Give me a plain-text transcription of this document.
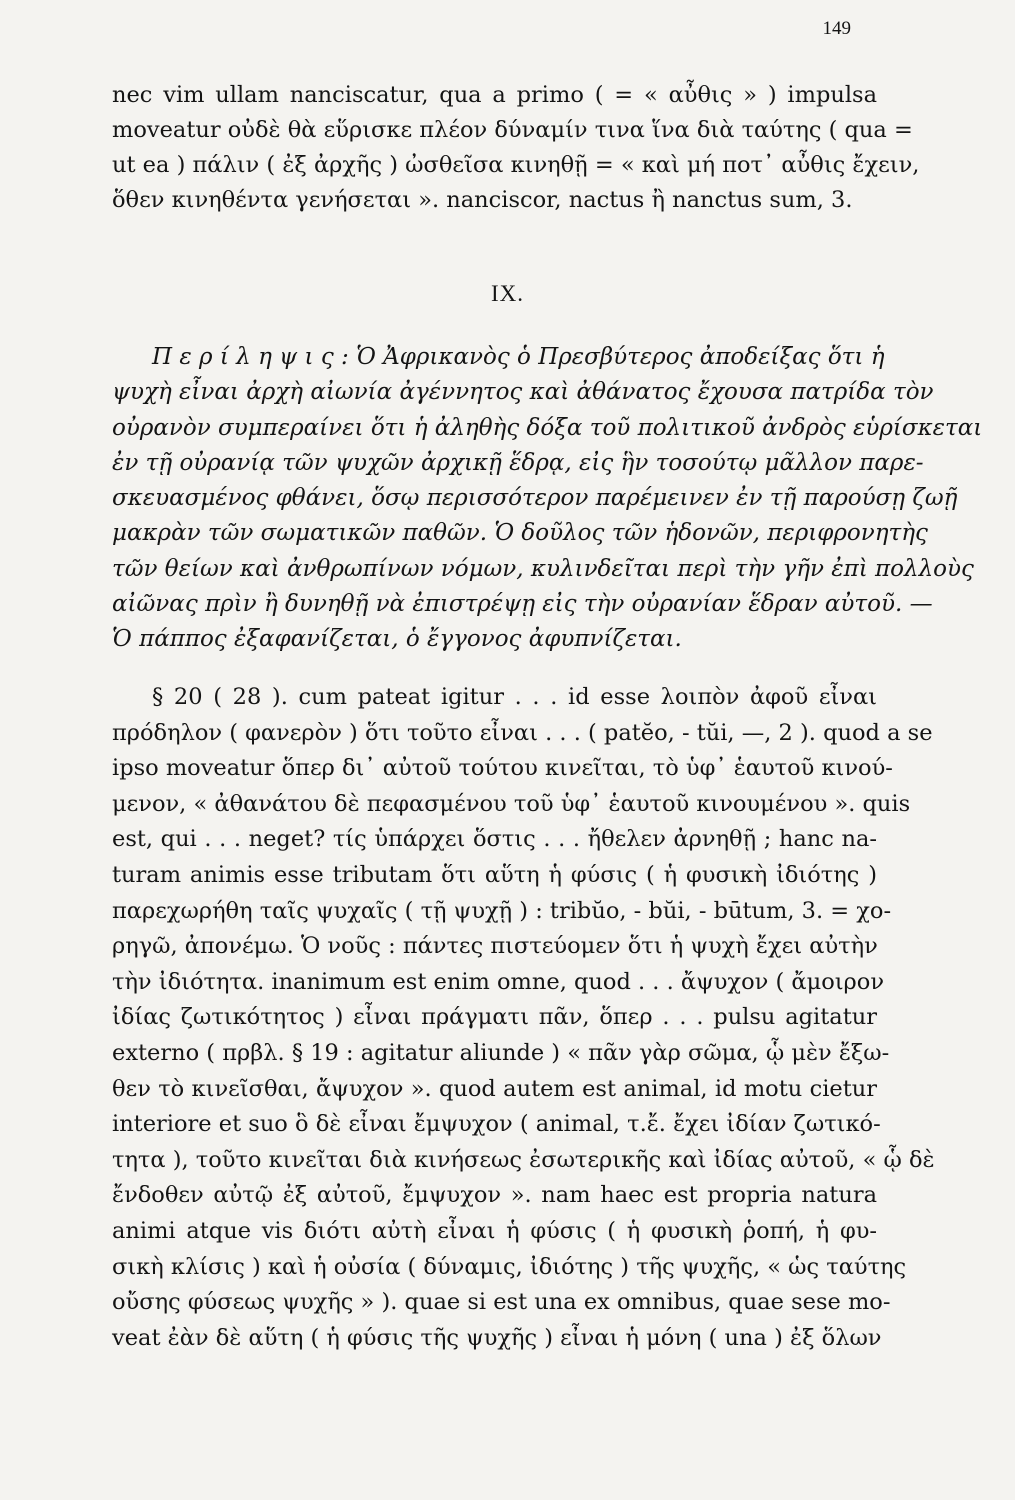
149
nec vim ullam nanciscatur, qua a primo ( = « αὖθις » ) impulsa
moveatur οὐδὲ θὰ εὕρισκε πλέον δύναμίν τινα ἵνα διὰ ταύτης ( qua =
ut ea ) πάλιν ( ἐξ ἀρχῆς ) ὠσθεῖσα κινηθῇ = « καὶ μή ποτ᾽ αὖθις ἔχειν,
ὅθεν κινηθέντα γενήσεται ». nanciscor, nactus ἢ nanctus sum, 3.
IX.
Π ε ρ ί λ η ψ ι ς : Ὁ Ἀφρικανὸς ὁ Πρεσβύτερος ἀποδείξας ὅτι ἡ
ψυχὴ εἶναι ἀρχὴ αἰωνία ἀγέννητος καὶ ἀθάνατος ἔχουσα πατρίδα τὸν
οὐρανὸν συμπεραίνει ὅτι ἡ ἀληθὴς δόξα τοῦ πολιτικοῦ ἀνδρὸς εὑρίσκεται
ἐν τῇ οὐρανίᾳ τῶν ψυχῶν ἀρχικῇ ἕδρᾳ, εἰς ἣν τοσούτῳ μᾶλλον παρε-
σκευασμένος φθάνει, ὅσῳ περισσότερον παρέμεινεν ἐν τῇ παρούσῃ ζωῇ
μακρὰν τῶν σωματικῶν παθῶν. Ὁ δοῦλος τῶν ἡδονῶν, περιφρονητὴς
τῶν θείων καὶ ἀνθρωπίνων νόμων, κυλινδεῖται περὶ τὴν γῆν ἐπὶ πολλοὺς
αἰῶνας πρὶν ἢ δυνηθῇ νὰ ἐπιστρέψῃ εἰς τὴν οὐρανίαν ἕδραν αὐτοῦ. —
Ὁ πάππος ἐξαφανίζεται, ὁ ἔγγονος ἀφυπνίζεται.
§ 20 ( 28 ). cum pateat igitur . . . id esse λοιπὸν ἀφοῦ εἶναι
πρόδηλον ( φανερὸν ) ὅτι τοῦτο εἶναι . . . ( patĕo, - tŭi, —, 2 ). quod a se
ipso moveatur ὅπερ δι᾽ αὐτοῦ τούτου κινεῖται, τὸ ὑφ᾽ ἑαυτοῦ κινού-
μενον, « ἀθανάτου δὲ πεφασμένου τοῦ ὑφ᾽ ἑαυτοῦ κινουμένου ». quis
est, qui . . . neget? τίς ὑπάρχει ὅστις . . . ἤθελεν ἀρνηθῇ ; hanc na-
turam animis esse tributam ὅτι αὕτη ἡ φύσις ( ἡ φυσικὴ ἰδιότης )
παρεχωρήθη ταῖς ψυχαῖς ( τῇ ψυχῇ ) : tribŭo, - bŭi, - būtum, 3. = χο-
ρηγῶ, ἀπονέμω. Ὁ νοῦς : πάντες πιστεύομεν ὅτι ἡ ψυχὴ ἔχει αὐτὴν
τὴν ἰδιότητα. inanimum est enim omne, quod . . . ἄψυχον ( ἄμοιρον
ἰδίας ζωτικότητος ) εἶναι πράγματι πᾶν, ὅπερ . . . pulsu agitatur
externo ( πρβλ. § 19 : agitatur aliunde ) « πᾶν γὰρ σῶμα, ᾧ μὲν ἔξω-
θεν τὸ κινεῖσθαι, ἄψυχον ». quod autem est animal, id motu cietur
interiore et suo ὃ δὲ εἶναι ἔμψυχον ( animal, τ.ἔ. ἔχει ἰδίαν ζωτικό-
τητα ), τοῦτο κινεῖται διὰ κινήσεως ἐσωτερικῆς καὶ ἰδίας αὐτοῦ, « ᾧ δὲ
ἔνδοθεν αὐτῷ ἐξ αὐτοῦ, ἔμψυχον ». nam haec est propria natura
animi atque vis διότι αὐτὴ εἶναι ἡ φύσις ( ἡ φυσικὴ ῥοπή, ἡ φυ-
σικὴ κλίσις ) καὶ ἡ οὐσία ( δύναμις, ἰδιότης ) τῆς ψυχῆς, « ὡς ταύτης
οὔσης φύσεως ψυχῆς » ). quae si est una ex omnibus, quae sese mo-
veat ἐὰν δὲ αὕτη ( ἡ φύσις τῆς ψυχῆς ) εἶναι ἡ μόνη ( una ) ἐξ ὅλων
